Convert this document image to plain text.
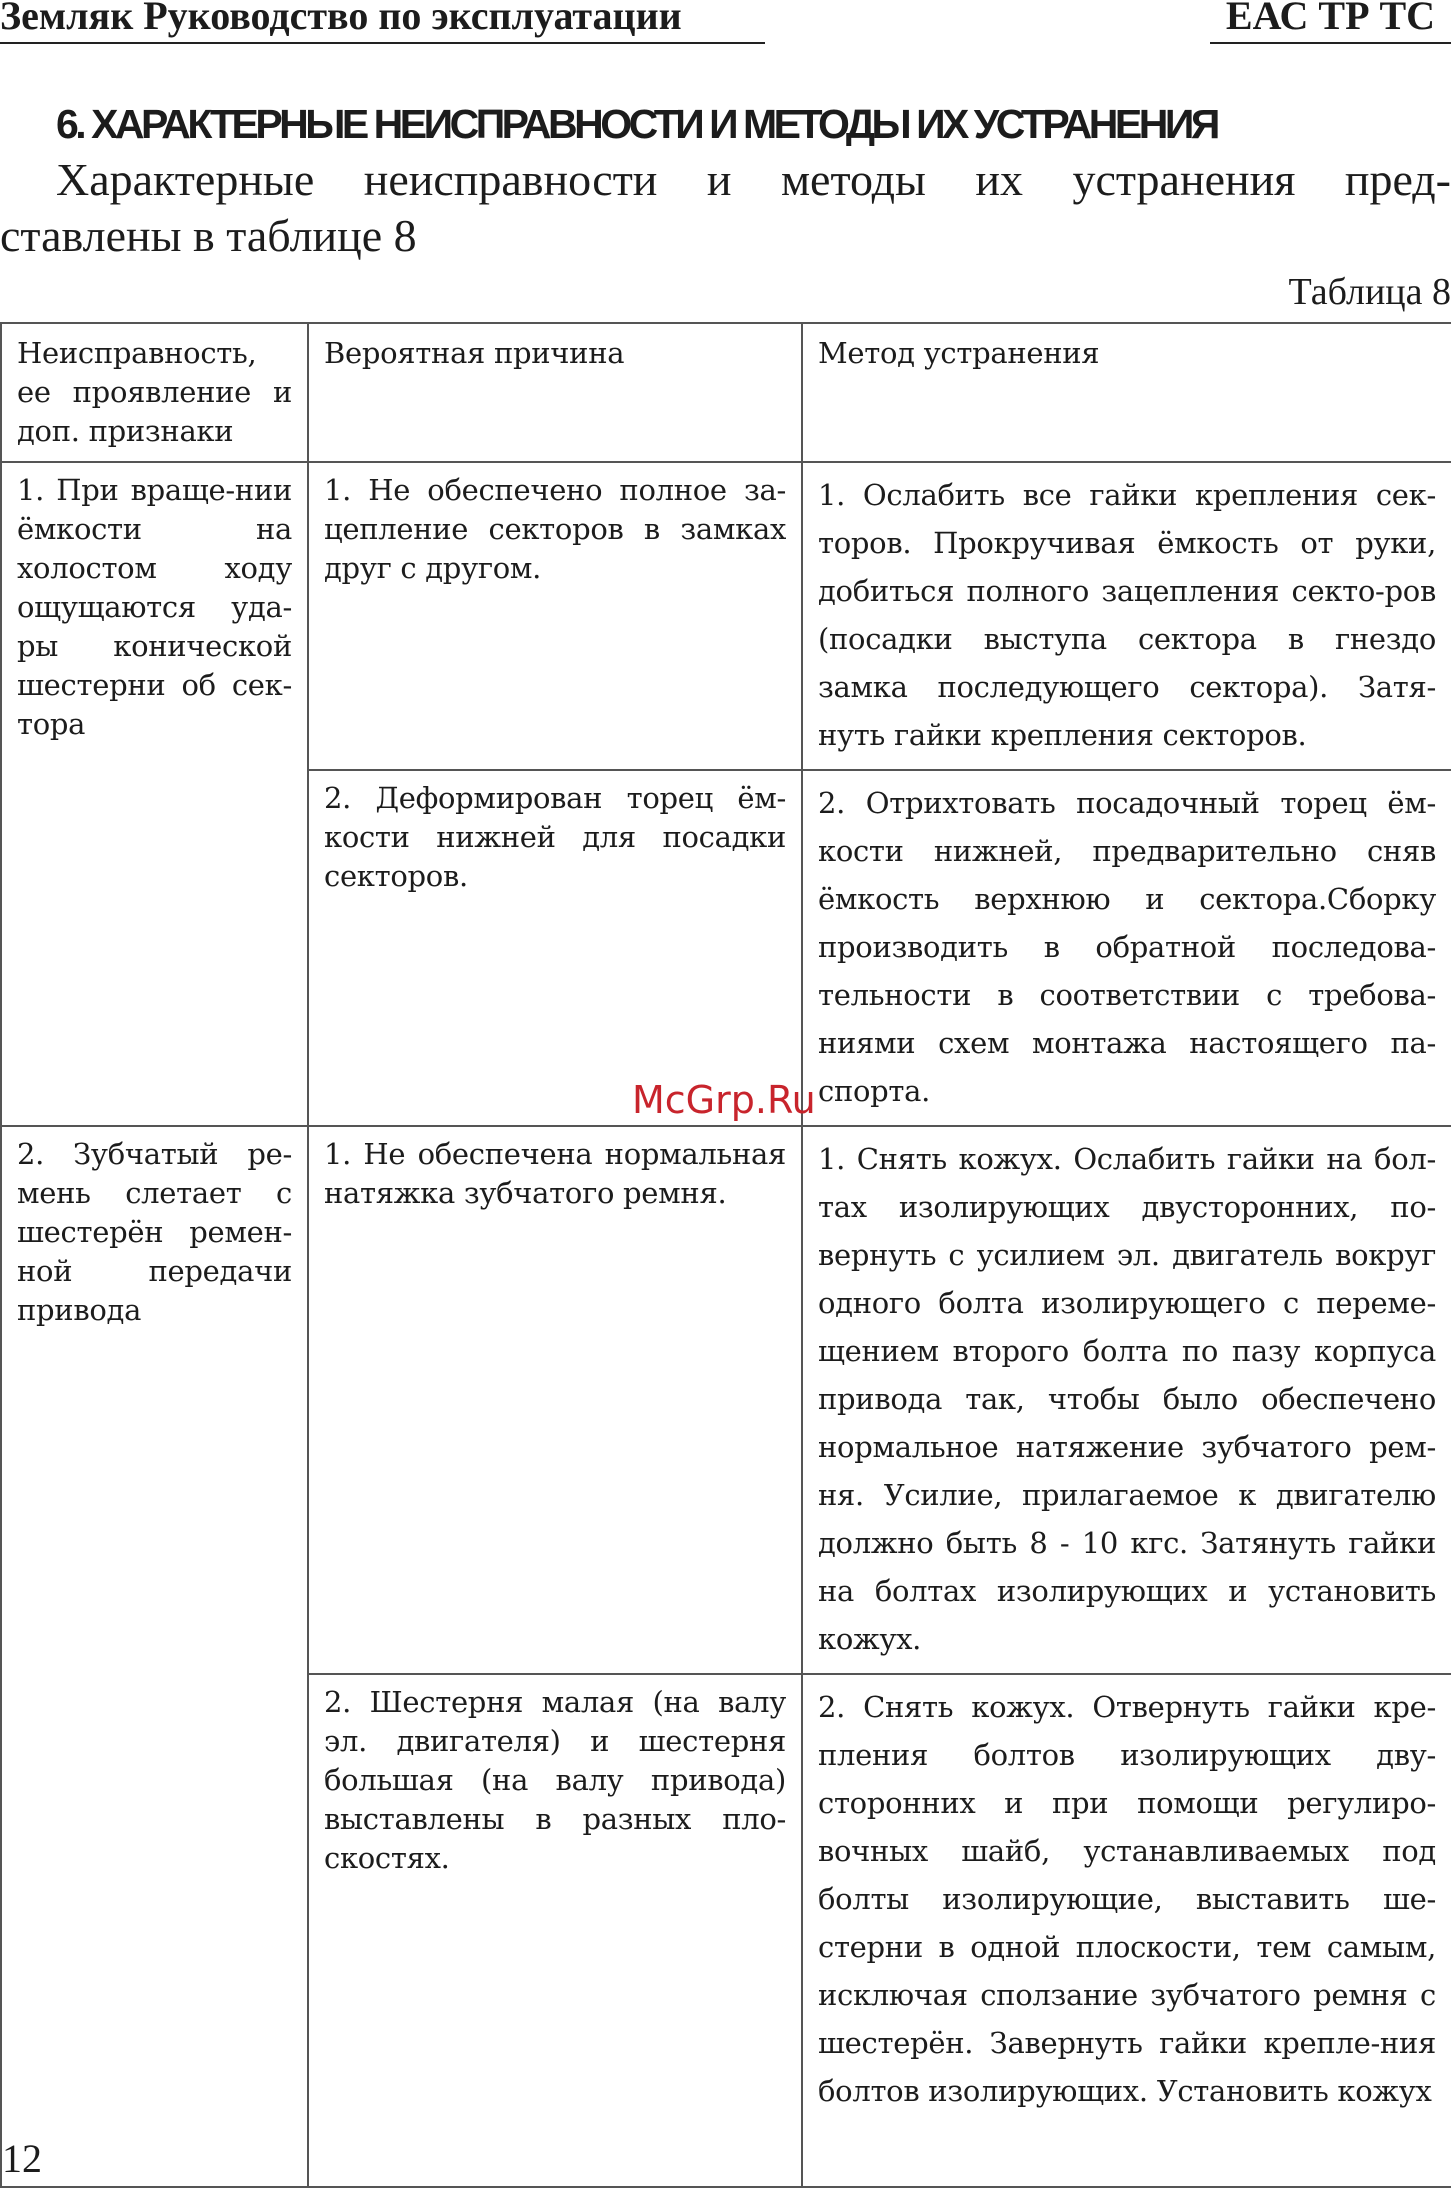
Земляк Руководство по эксплуатации	ЕАС ТР ТС
6. ХАРАКТЕРНЫЕ НЕИСПРАВНОСТИ И МЕТОДЫ ИХ УСТРАНЕНИЯ
Характерные неисправности и методы их устранения пред-
ставлены в таблице 8
Таблица 8
Неисправность, ее проявление и доп. признаки	Вероятная причина	Метод устранения
1. При враще-нии ёмкости на холостом ходу ощущаются уда-ры конической шестерни об сек-тора	1. Не обеспечено полное за-цепление секторов в замках друг с другом.	1. Ослабить все гайки крепления сек-торов. Прокручивая ёмкость от руки, добиться полного зацепления секто-ров (посадки выступа сектора в гнездо замка последующего сектора). Затя-нуть гайки крепления секторов.
	2. Деформирован торец ём-кости нижней для посадки секторов.	2. Отрихтовать посадочный торец ём-кости нижней, предварительно сняв ёмкость верхнюю и сектора.Сборку производить в обратной последова-тельности в соответствии с требова-ниями схем монтажа настоящего па-спорта.
2. Зубчатый ре-мень слетает с шестерён ремен-ной передачи привода	1. Не обеспечена нормальная натяжка зубчатого ремня.	1. Снять кожух. Ослабить гайки на бол-тах изолирующих двусторонних, по-вернуть с усилием эл. двигатель вокруг одного болта изолирующего с переме-щением второго болта по пазу корпуса привода так, чтобы было обеспечено нормальное натяжение зубчатого рем-ня. Усилие, прилагаемое к двигателю должно быть 8 - 10 кгс. Затянуть гайки на болтах изолирующих и установить кожух.
	2. Шестерня малая (на валу эл. двигателя) и шестерня большая (на валу привода) выставлены в разных пло-скостях.	2. Снять кожух. Отвернуть гайки кре-пления болтов изолирующих дву-сторонних и при помощи регулиро-вочных шайб, устанавливаемых под болты изолирующие, выставить ше-стерни в одной плоскости, тем самым, исключая сползание зубчатого ремня с шестерён. Завернуть гайки крепле-ния болтов изолирующих. Установить кожух
McGrp.Ru
12
